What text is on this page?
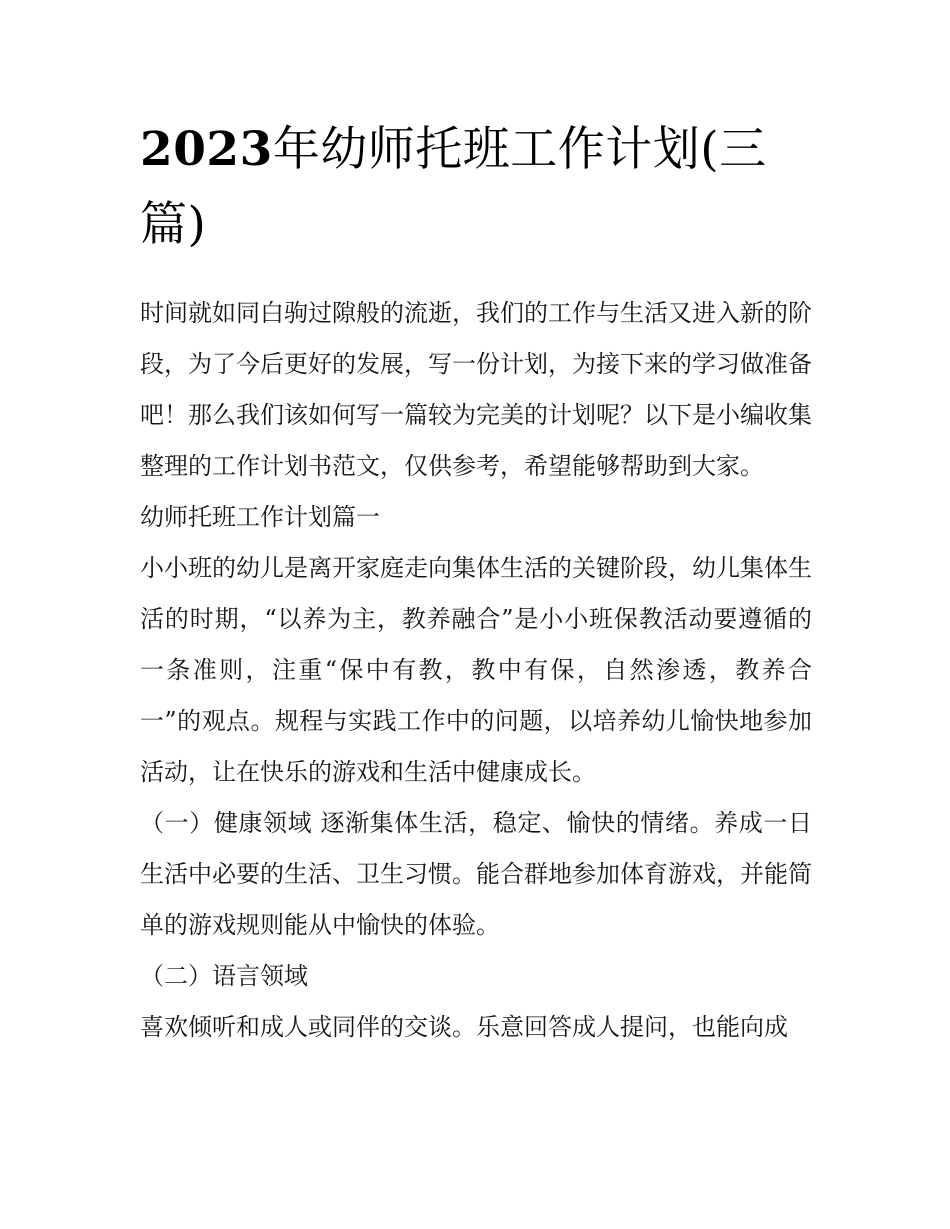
2023年幼师托班工作计划(三篇)

时间就如同白驹过隙般的流逝，我们的工作与生活又进入新的阶段，为了今后更好的发展，写一份计划，为接下来的学习做准备吧！那么我们该如何写一篇较为完美的计划呢？以下是小编收集整理的工作计划书范文，仅供参考，希望能够帮助到大家。

幼师托班工作计划篇一

小小班的幼儿是离开家庭走向集体生活的关键阶段，幼儿集体生活的时期，“以养为主，教养融合”是小小班保教活动要遵循的一条准则，注重“保中有教，教中有保，自然渗透，教养合一”的观点。规程与实践工作中的问题，以培养幼儿愉快地参加活动，让在快乐的游戏和生活中健康成长。

（一）健康领域 逐渐集体生活，稳定、愉快的情绪。养成一日生活中必要的生活、卫生习惯。能合群地参加体育游戏，并能简单的游戏规则能从中愉快的体验。

（二）语言领域

喜欢倾听和成人或同伴的交谈。乐意回答成人提问，也能向成
